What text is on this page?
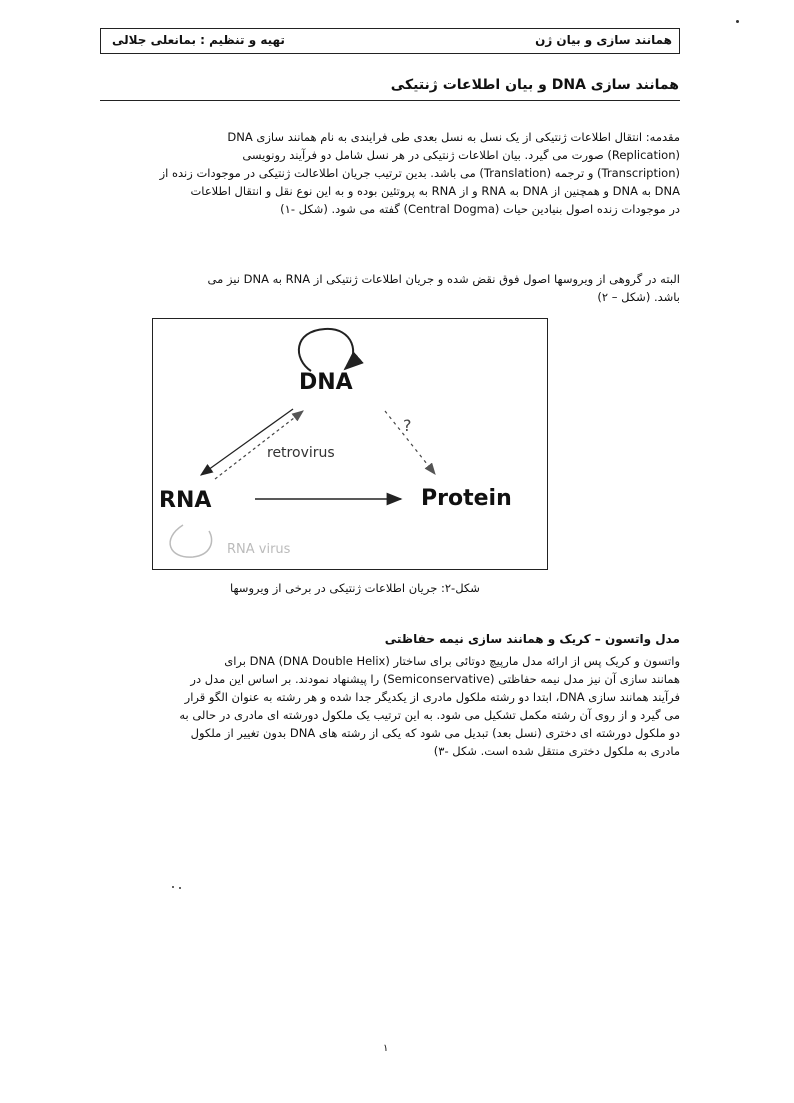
تهیه و تنظیم : بمانعلی جلالی	همانند سازی و بیان ژن
همانند سازی DNA و بیان اطلاعات ژنتیکی
مقدمه: انتقال اطلاعات ژنتیکی از یک نسل به نسل بعدی طی فرایندی به نام همانند سازی DNA
(Replication) صورت می گیرد. بیان اطلاعات ژنتیکی در هر نسل شامل دو فرآیند رونویسی
(Transcription) و ترجمه (Translation) می باشد. بدین ترتیب جریان اطلاعالت ژنتیکی در موجودات زنده از
DNA به DNA و همچنین از DNA به RNA و از RNA به پروتئین بوده و به این نوع نقل و انتقال اطلاعات
در موجودات زنده اصول بنیادین حیات (Central Dogma) گفته می شود. (شکل -۱)
البته در گروهی از ویروسها اصول فوق نقض شده و جریان اطلاعات ژنتیکی از RNA به DNA نیز می
باشد. (شکل – ۲)
DNA
retrovirus
?
RNA	Protein
RNA virus
شکل-۲: جریان اطلاعات ژنتیکی در برخی از ویروسها
مدل واتسون – کریک و همانند سازی نیمه حفاظتی
واتسون و کریک پس از ارائه مدل مارپیچ دوتائی برای ساختار DNA (DNA Double Helix) برای
همانند سازی آن نیز مدل نیمه حفاظتی (Semiconservative) را پیشنهاد نمودند. بر اساس این مدل در
فرآیند همانند سازی DNA، ابتدا دو رشته ملکول مادری از یکدیگر جدا شده و هر رشته به عنوان الگو قرار
می گیرد و از روی آن رشته مکمل تشکیل می شود. به این ترتیب یک ملکول دورشته ای مادری در حالی به
دو ملکول دورشته ای دختری (نسل بعد) تبدیل می شود که یکی از رشته های DNA بدون تغییر از ملکول
مادری به ملکول دختری منتقل شده است. شکل -۳)
۱
